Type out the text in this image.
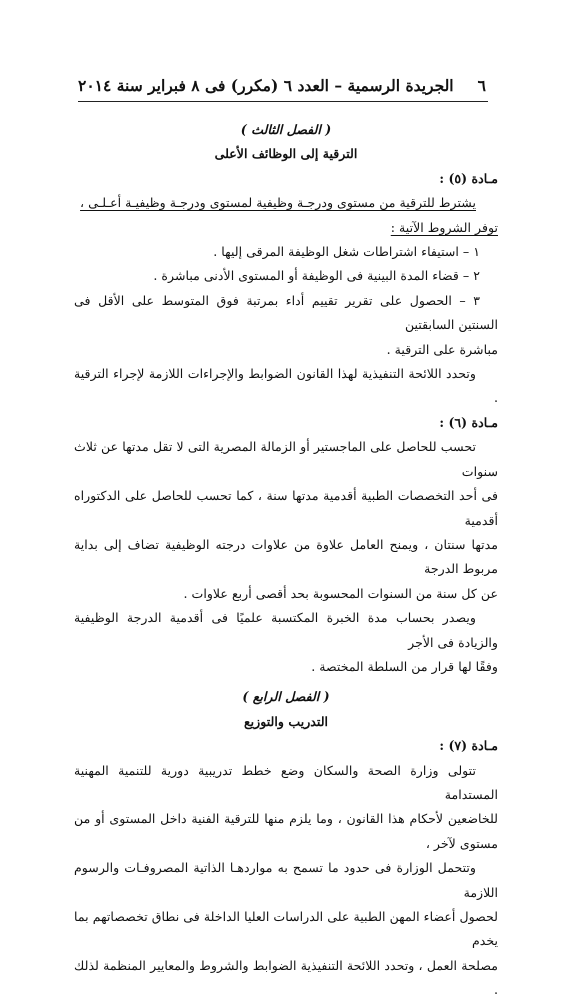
٦
الجريدة الرسمية – العدد ٦ (مكرر) فى ٨ فبراير سنة ٢٠١٤
( الفصل الثالث )
الترقية إلى الوظائف الأعلى
مـادة (٥) :
يشترط للترقية من مستوى ودرجـة وظيفية لمستوى ودرجـة وظيفيـة أعـلـى ،
توفر الشروط الآتية :
١ – استيفاء اشتراطات شغل الوظيفة المرقى إليها .
٢ – قضاء المدة البينية فى الوظيفة أو المستوى الأدنى مباشرة .
٣ – الحصول على تقرير تقييم أداء بمرتبة فوق المتوسط على الأقل فى السنتين السابقتين
مباشرة على الترقية .
وتحدد اللائحة التنفيذية لهذا القانون الضوابط والإجراءات اللازمة لإجراء الترقية .
مـادة (٦) :
تحسب للحاصل على الماجستير أو الزمالة المصرية التى لا تقل مدتها عن ثلاث سنوات
فى أحد التخصصات الطبية أقدمية مدتها سنة ، كما تحسب للحاصل على الدكتوراه أقدمية
مدتها سنتان ، ويمنح العامل علاوة من علاوات درجته الوظيفية تضاف إلى بداية مربوط الدرجة
عن كل سنة من السنوات المحسوبة بحد أقصى أربع علاوات .
ويصدر بحساب مدة الخبرة المكتسبة علميًا فى أقدمية الدرجة الوظيفية والزيادة فى الأجر
وفقًا لها قرار من السلطة المختصة .
( الفصل الرابع )
التدريب والتوزيع
مـادة (٧) :
تتولى وزارة الصحة والسكان وضع خطط تدريبية دورية للتنمية المهنية المستدامة
للخاضعين لأحكام هذا القانون ، وما يلزم منها للترقية الفنية داخل المستوى أو من مستوى لآخر ،
وتتحمل الوزارة فى حدود ما تسمح به مواردهـا الذاتية المصروفـات والرسوم اللازمة
لحصول أعضاء المهن الطبية على الدراسات العليا الداخلة فى نطاق تخصصاتهم بما يخدم
مصلحة العمل ، وتحدد اللائحة التنفيذية الضوابط والشروط والمعايير المنظمة لذلك .
